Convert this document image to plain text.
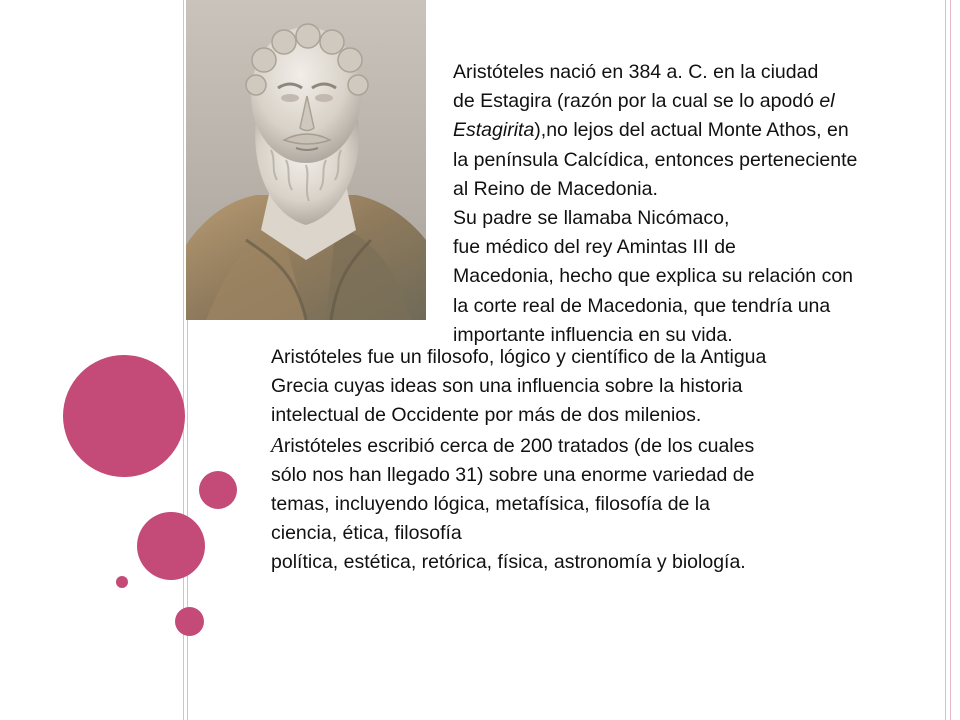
Aristóteles nació en 384 a. C. en la ciudad
de Estagira (razón por la cual se lo apodó el
Estagirita),no lejos del actual Monte Athos, en
la península Calcídica, entonces perteneciente
al Reino de Macedonia.
Su padre se llamaba Nicómaco,
fue médico del rey Amintas III de
Macedonia, hecho que explica su relación con
la corte real de Macedonia, que tendría una
importante influencia en su vida.
Aristóteles fue un filosofo, lógico y científico de la Antigua
Grecia cuyas ideas son una influencia sobre la historia
intelectual de Occidente por más de dos milenios.
Aristóteles escribió cerca de 200 tratados (de los cuales
sólo nos han llegado 31) sobre una enorme variedad de
temas, incluyendo lógica, metafísica, filosofía de la
ciencia, ética, filosofía
política, estética, retórica, física, astronomía y biología.
